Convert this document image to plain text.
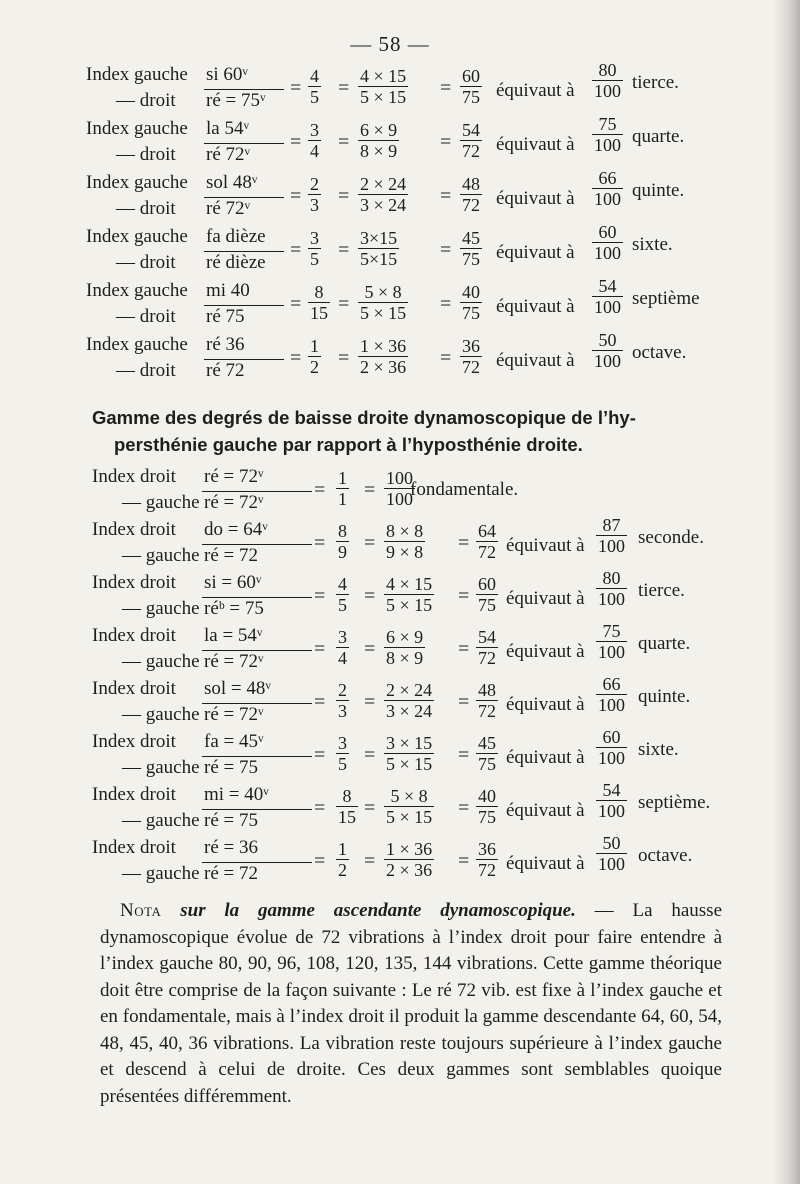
— 58 —
Index gauche si 60ᵛ
— droit ré = 75ᵛ
= $\frac{4}{5} = \frac{4 \times 15}{5 \times 15} = \frac{60}{75}$ équivaut à $\frac{80}{100}$ tierce.
Index gauche la 54ᵛ
— droit ré 72ᵛ
= $\frac{3}{4} = \frac{6 \times 9}{8 \times 9} = \frac{54}{72}$ équivaut à $\frac{75}{100}$ quarte.
Index gauche sol 48ᵛ
— droit ré 72ᵛ
= $\frac{2}{3} = \frac{2 \times 24}{3 \times 24} = \frac{48}{72}$ équivaut à $\frac{66}{100}$ quinte.
Index gauche fa dièze
— droit ré dièze
= $\frac{3}{5} = \frac{3\times 15}{5\times 15} = \frac{45}{75}$ équivaut à $\frac{60}{100}$ sixte.
Index gauche mi 40
— droit ré 75
= $\frac{8}{15} = \frac{5 \times 8}{5 \times 15} = \frac{40}{75}$ équivaut à $\frac{54}{100}$ septième
Index gauche ré 36
— droit ré 72
= $\frac{1}{2} = \frac{1 \times 36}{2 \times 36} = \frac{36}{72}$ équivaut à $\frac{50}{100}$ octave.
Gamme des degrés de baisse droite dynamoscopique de l’hy-
persthénie gauche par rapport à l’hyposthénie droite.
Index droit ré = 72ᵛ
— gauche ré = 72ᵛ
= $\frac{1}{1} = \frac{100}{100}$
fondamentale.
Index droit do = 64ᵛ
— gauche ré = 72
= $\frac{8}{9} = \frac{8 \times 8}{9 \times 8} = \frac{64}{72}$ équivaut à $\frac{87}{100}$ seconde.
Index droit si = 60ᵛ
— gauche réᵇ = 75
= $\frac{4}{5} = \frac{4 \times 15}{5 \times 15} = \frac{60}{75}$ équivaut à $\frac{80}{100}$ tierce.
Index droit la = 54ᵛ
— gauche ré = 72ᵛ
= $\frac{3}{4} = \frac{6 \times 9}{8 \times 9} = \frac{54}{72}$ équivaut à $\frac{75}{100}$ quarte.
Index droit sol = 48ᵛ
— gauche ré = 72ᵛ
= $\frac{2}{3} = \frac{2 \times 24}{3 \times 24} = \frac{48}{72}$ équivaut à $\frac{66}{100}$ quinte.
Index droit fa = 45ᵛ
— gauche ré = 75
= $\frac{3}{5} = \frac{3 \times 15}{5 \times 15} = \frac{45}{75}$ équivaut à $\frac{60}{100}$ sixte.
Index droit mi = 40ᵛ
— gauche ré = 75
= $\frac{8}{15} = \frac{5 \times 8}{5 \times 15} = \frac{40}{75}$ équivaut à $\frac{54}{100}$ septième.
Index droit ré = 36
— gauche ré = 72
= $\frac{1}{2} = \frac{1 \times 36}{2 \times 36} = \frac{36}{72}$ équivaut à $\frac{50}{100}$ octave.

Nota sur la gamme ascendante dynamoscopique. — La hausse dynamoscopique évolue de 72 vibrations à l’index droit pour faire entendre à l’index gauche 80, 90, 96, 108, 120, 135, 144 vibrations. Cette gamme théorique doit être comprise de la façon suivante : Le ré 72 vib. est fixe à l’index gauche et en fondamentale, mais à l’index droit il produit la gamme descendante 64, 60, 54, 48, 45, 40, 36 vibrations. La vibration reste toujours supérieure à l’index gauche et descend à celui de droite. Ces deux gammes sont semblables quoique présentées différemment.
